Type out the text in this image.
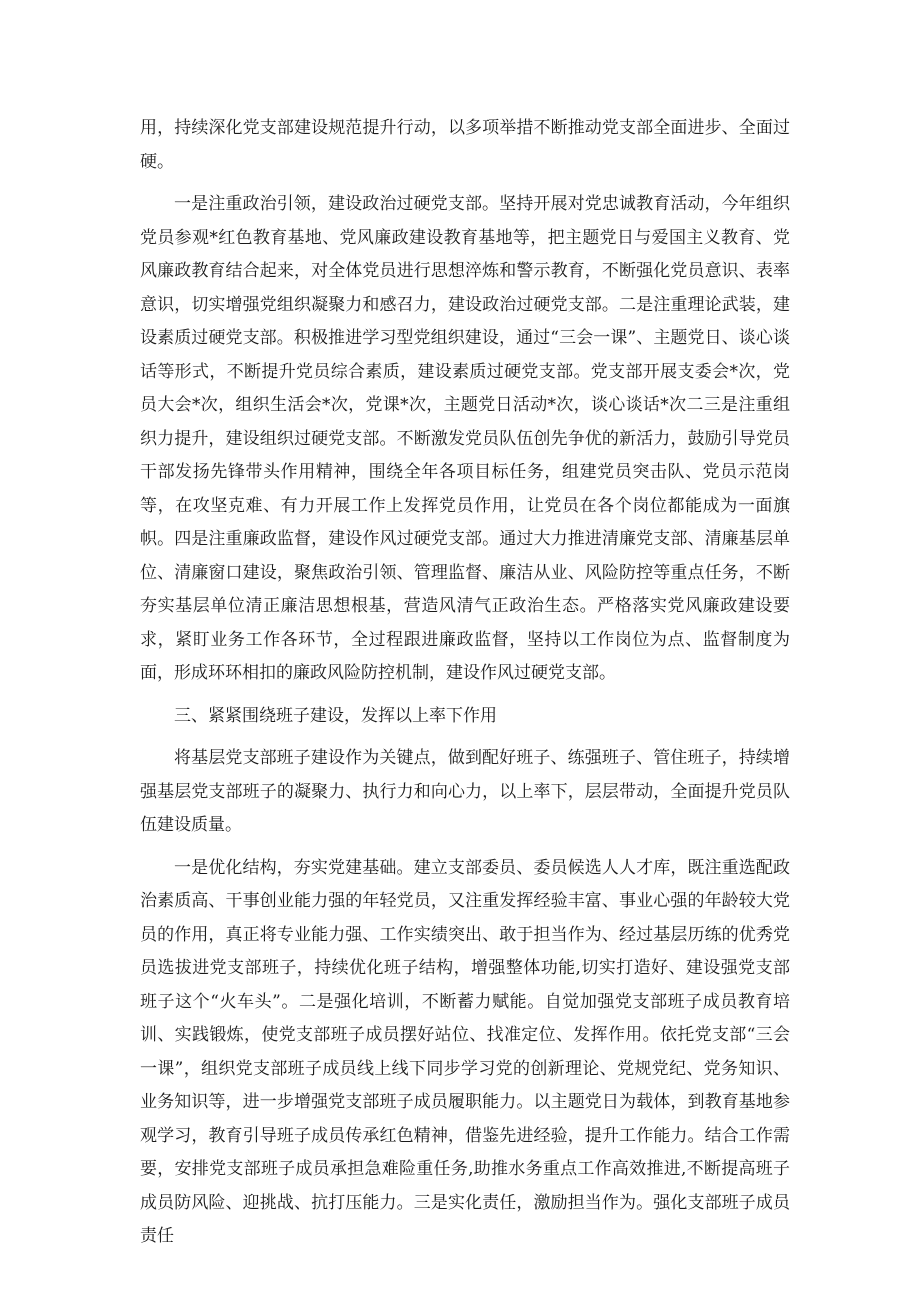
用，持续深化党支部建设规范提升行动，以多项举措不断推动党支部全面进步、全面过硬。

一是注重政治引领，建设政治过硬党支部。坚持开展对党忠诚教育活动，今年组织党员参观*红色教育基地、党风廉政建设教育基地等，把主题党日与爱国主义教育、党风廉政教育结合起来，对全体党员进行思想淬炼和警示教育，不断强化党员意识、表率意识，切实增强党组织凝聚力和感召力，建设政治过硬党支部。二是注重理论武装，建设素质过硬党支部。积极推进学习型党组织建设，通过“三会一课”、主题党日、谈心谈话等形式，不断提升党员综合素质，建设素质过硬党支部。党支部开展支委会*次，党员大会*次，组织生活会*次，党课*次，主题党日活动*次，谈心谈话*次二三是注重组织力提升，建设组织过硬党支部。不断激发党员队伍创先争优的新活力，鼓励引导党员干部发扬先锋带头作用精神，围绕全年各项目标任务，组建党员突击队、党员示范岗等，在攻坚克难、有力开展工作上发挥党员作用，让党员在各个岗位都能成为一面旗帜。四是注重廉政监督，建设作风过硬党支部。通过大力推进清廉党支部、清廉基层单位、清廉窗口建设，聚焦政治引领、管理监督、廉洁从业、风险防控等重点任务，不断夯实基层单位清正廉洁思想根基，营造风清气正政治生态。严格落实党风廉政建设要求，紧盯业务工作各环节，全过程跟进廉政监督，坚持以工作岗位为点、监督制度为面，形成环环相扣的廉政风险防控机制，建设作风过硬党支部。

三、紧紧围绕班子建设，发挥以上率下作用

将基层党支部班子建设作为关键点，做到配好班子、练强班子、管住班子，持续增强基层党支部班子的凝聚力、执行力和向心力，以上率下，层层带动，全面提升党员队伍建设质量。

一是优化结构，夯实党建基础。建立支部委员、委员候选人人才库，既注重选配政治素质高、干事创业能力强的年轻党员，又注重发挥经验丰富、事业心强的年龄较大党员的作用，真正将专业能力强、工作实绩突出、敢于担当作为、经过基层历练的优秀党员选拔进党支部班子，持续优化班子结构，增强整体功能,切实打造好、建设强党支部班子这个“火车头”。二是强化培训，不断蓄力赋能。自觉加强党支部班子成员教育培训、实践锻炼，使党支部班子成员摆好站位、找准定位、发挥作用。依托党支部“三会一课”，组织党支部班子成员线上线下同步学习党的创新理论、党规党纪、党务知识、业务知识等，进一步增强党支部班子成员履职能力。以主题党日为载体，到教育基地参观学习，教育引导班子成员传承红色精神，借鉴先进经验，提升工作能力。结合工作需要，安排党支部班子成员承担急难险重任务,助推水务重点工作高效推进,不断提高班子成员防风险、迎挑战、抗打压能力。三是实化责任，激励担当作为。强化支部班子成员责任
